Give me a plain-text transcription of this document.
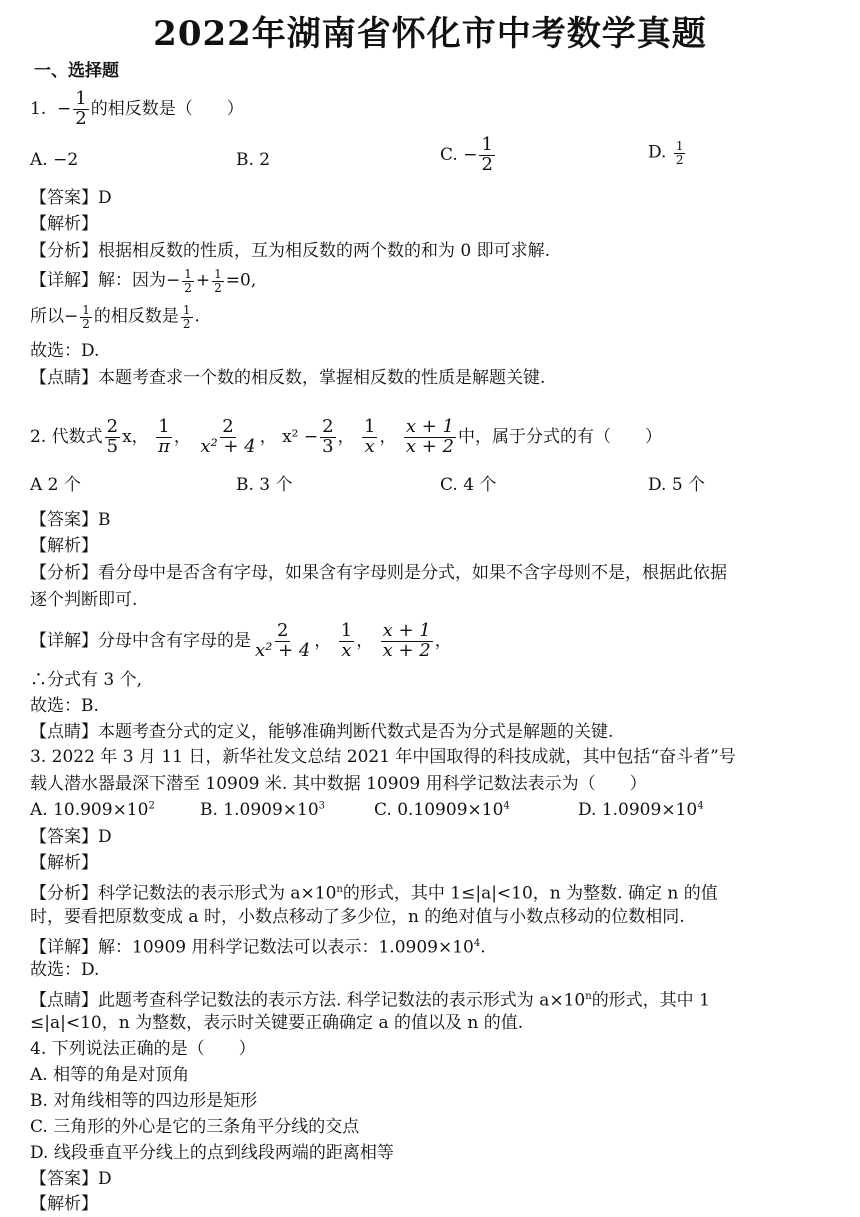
2022年湖南省怀化市中考数学真题
一、选择题
1. − $\frac{1}{2}$ 的相反数是（　　）
A. −2	B. 2	C. − $\frac{1}{2}$	D. $\frac{1}{2}$
【答案】D
【解析】
【分析】根据相反数的性质，互为相反数的两个数的和为 0 即可求解.
【详解】解：因为− $\frac{1}{2} + \frac{1}{2} =0$,
所以− $\frac{1}{2}$ 的相反数是 $\frac{1}{2}$ .
故选：D.
【点睛】本题考查求一个数的相反数，掌握相反数的性质是解题关键.
2. 代数式 $\frac{2}{5}$ x， $\frac{1}{\pi}$ ， $\frac{2}{\text{x² + 4}}$ ， $x^2 - \frac{2}{3}$ ， $\frac{1}{x}$ ， $\frac{x + 1}{x + 2}$ 中，属于分式的有（　　）
A 2 个	B. 3 个	C. 4 个	D. 5 个
【答案】B
【解析】
【分析】看分母中是否含有字母，如果含有字母则是分式，如果不含字母则不是，根据此依据
逐个判断即可.
【详解】分母中含有字母的是 $\frac{2}{\text{x² + 4}}$ ， $\frac{1}{x}$ ， $\frac{x + 1}{x + 2}$ ，
∴分式有 3 个,
故选：B.
【点睛】本题考查分式的定义，能够准确判断代数式是否为分式是解题的关键.
3. 2022 年 3 月 11 日，新华社发文总结 2021 年中国取得的科技成就，其中包括“奋斗者”号
载人潜水器最深下潜至 10909 米. 其中数据 10909 用科学记数法表示为（　　）
A. $10.909\times 10^2$	B. $1.0909\times 10^3$	C. $0.10909\times 10^4$	D. $1.0909\times 10^4$
【答案】D
【解析】
【分析】科学记数法的表示形式为 $a\times 10^n$的形式，其中 1≤|a|<10，n 为整数. 确定 n 的值
时，要看把原数变成 a 时，小数点移动了多少位，n 的绝对值与小数点移动的位数相同.
【详解】解：10909 用科学记数法可以表示：$1.0909\times 10^4$.
故选：D.
【点睛】此题考查科学记数法的表示方法. 科学记数法的表示形式为 $a\times 10^n$的形式，其中 1
≤|a|<10，n 为整数，表示时关键要正确确定 a 的值以及 n 的值.
4. 下列说法正确的是（　　）
A. 相等的角是对顶角
B. 对角线相等的四边形是矩形
C. 三角形的外心是它的三条角平分线的交点
D. 线段垂直平分线上的点到线段两端的距离相等
【答案】D
【解析】
